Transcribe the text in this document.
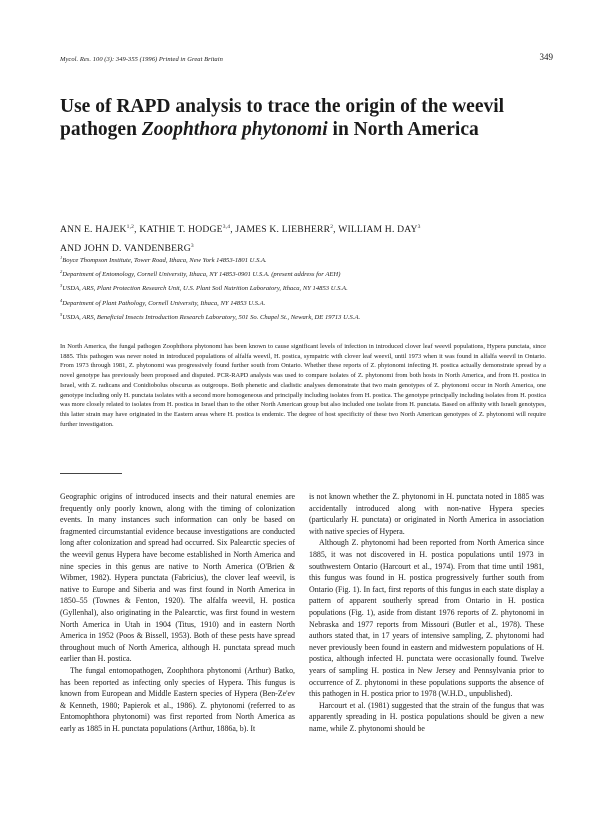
Mycol. Res. 100 (3): 349-355 (1996) Printed in Great Britain	349
Use of RAPD analysis to trace the origin of the weevil
pathogen Zoophthora phytonomi in North America
ANN E. HAJEK$^{1,2}$, KATHIE T. HODGE$^{3,4}$, JAMES K. LIEBHERR$^2$, WILLIAM H. DAY$^3$
AND JOHN D. VANDENBERG$^3$
$^1$Boyce Thompson Institute, Tower Road, Ithaca, New York 14853-1801 U.S.A.
$^2$Department of Entomology, Cornell University, Ithaca, NY 14853-0901 U.S.A. (present address for AEH)
$^3$USDA, ARS, Plant Protection Research Unit, U.S. Plant Soil Nutrition Laboratory, Ithaca, NY 14853 U.S.A.
$^4$Department of Plant Pathology, Cornell University, Ithaca, NY 14853 U.S.A.
$^5$USDA, ARS, Beneficial Insects Introduction Research Laboratory, 501 So. Chapel St., Newark, DE 19713 U.S.A.
In North America, the fungal pathogen Zoophthora phytonomi has been known to cause significant levels of infection in introduced clover leaf weevil populations, Hypera punctata, since 1885. This pathogen was never noted in introduced populations of alfalfa weevil, H. postica, sympatric with clover leaf weevil, until 1973 when it was found in alfalfa weevil in Ontario. From 1973 through 1981, Z. phytonomi was progressively found further south from Ontario. Whether these reports of Z. phytonomi infecting H. postica actually demonstrate spread by a novel genotype has previously been proposed and disputed. PCR-RAPD analysis was used to compare isolates of Z. phytonomi from both hosts in North America, and from H. postica in Israel, with Z. radicans and Conidiobolus obscurus as outgroups. Both phenetic and cladistic analyses demonstrate that two main genotypes of Z. phytonomi occur in North America, one genotype including only H. punctata isolates with a second more homogeneous and principally including isolates from H. postica. The genotype principally including isolates from H. postica was more closely related to isolates from H. postica in Israel than to the other North American group but also included one isolate from H. punctata. Based on affinity with Israeli genotypes, this latter strain may have originated in the Eastern areas where H. postica is endemic. The degree of host specificity of these two North American genotypes of Z. phytonomi will require further investigation.

Geographic origins of introduced insects and their natural enemies are frequently only poorly known, along with the timing of colonization events. In many instances such information can only be based on fragmented circumstantial evidence because investigations are conducted long after colonization and spread had occurred. Six Palearctic species of the weevil genus Hypera have become established in North America and nine species in this genus are native to North America (O'Brien & Wibmer, 1982). Hypera punctata (Fabricius), the clover leaf weevil, is native to Europe and Siberia and was first found in North America in 1850–55 (Townes & Fenton, 1920). The alfalfa weevil, H. postica (Gyllenhal), also originating in the Palearctic, was first found in western North America in Utah in 1904 (Titus, 1910) and in eastern North America in 1952 (Poos & Bissell, 1953). Both of these pests have spread throughout much of North America, although H. punctata spread much earlier than H. postica.

The fungal entomopathogen, Zoophthora phytonomi (Arthur) Batko, has been reported as infecting only species of Hypera. This fungus is known from European and Middle Eastern species of Hypera (Ben-Ze'ev & Kenneth, 1980; Papierok et al., 1986). Z. phytonomi (referred to as Entomophthora phytonomi) was first reported from North America as early as 1885 in H. punctata populations (Arthur, 1886a, b). It

is not known whether the Z. phytonomi in H. punctata noted in 1885 was accidentally introduced along with non-native Hypera species (particularly H. punctata) or originated in North America in association with native species of Hypera.

Although Z. phytonomi had been reported from North America since 1885, it was not discovered in H. postica populations until 1973 in southwestern Ontario (Harcourt et al., 1974). From that time until 1981, this fungus was found in H. postica progressively further south from Ontario (Fig. 1). In fact, first reports of this fungus in each state display a pattern of apparent southerly spread from Ontario in H. postica populations (Fig. 1), aside from distant 1976 reports of Z. phytonomi in Nebraska and 1977 reports from Missouri (Butler et al., 1978). These authors stated that, in 17 years of intensive sampling, Z. phytonomi had never previously been found in eastern and midwestern populations of H. postica, although infected H. punctata were occasionally found. Twelve years of sampling H. postica in New Jersey and Pennsylvania prior to occurrence of Z. phytonomi in these populations supports the absence of this pathogen in H. postica prior to 1978 (W.H.D., unpublished).

Harcourt et al. (1981) suggested that the strain of the fungus that was apparently spreading in H. postica populations should be given a new name, while Z. phytonomi should be
